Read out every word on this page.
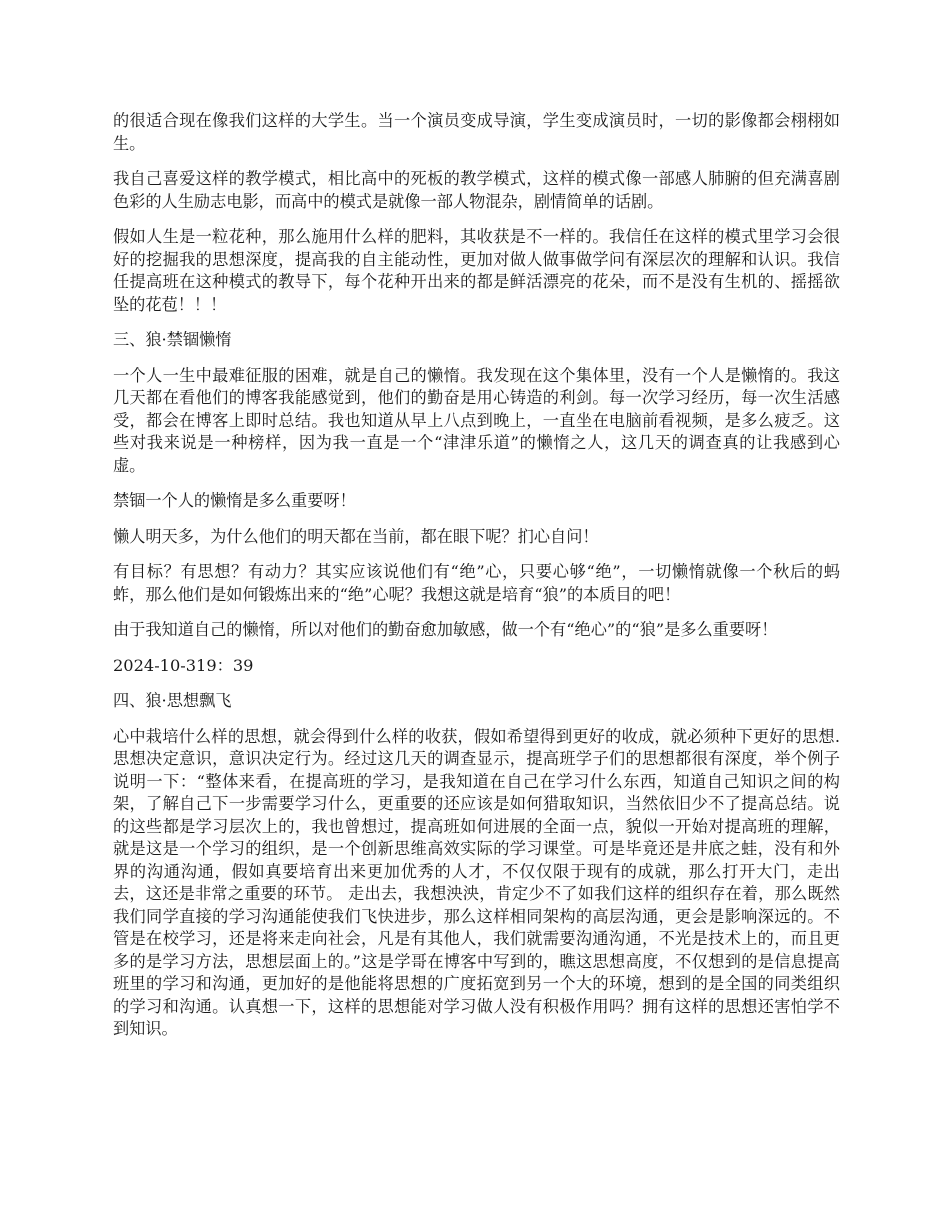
的很适合现在像我们这样的大学生。当一个演员变成导演，学生变成演员时，一切的影像都会栩栩如生。

我自己喜爱这样的教学模式，相比高中的死板的教学模式，这样的模式像一部感人肺腑的但充满喜剧色彩的人生励志电影，而高中的模式是就像一部人物混杂，剧情简单的话剧。

假如人生是一粒花种，那么施用什么样的肥料，其收获是不一样的。我信任在这样的模式里学习会很好的挖掘我的思想深度，提高我的自主能动性，更加对做人做事做学问有深层次的理解和认识。我信任提高班在这种模式的教导下，每个花种开出来的都是鲜活漂亮的花朵，而不是没有生机的、摇摇欲坠的花苞！！！

三、狼·禁锢懒惰

一个人一生中最难征服的困难，就是自己的懒惰。我发现在这个集体里，没有一个人是懒惰的。我这几天都在看他们的博客我能感觉到，他们的勤奋是用心铸造的利剑。每一次学习经历，每一次生活感受，都会在博客上即时总结。我也知道从早上八点到晚上，一直坐在电脑前看视频，是多么疲乏。这些对我来说是一种榜样，因为我一直是一个“津津乐道”的懒惰之人，这几天的调查真的让我感到心虚。

禁锢一个人的懒惰是多么重要呀！

懒人明天多，为什么他们的明天都在当前，都在眼下呢？扪心自问！

有目标？有思想？有动力？其实应该说他们有“绝”心，只要心够“绝”，一切懒惰就像一个秋后的蚂蚱，那么他们是如何锻炼出来的“绝”心呢？我想这就是培育“狼”的本质目的吧！

由于我知道自己的懒惰，所以对他们的勤奋愈加敏感，做一个有“绝心”的“狼”是多么重要呀！

2024-10-319：39

四、狼·思想飘飞

心中栽培什么样的思想，就会得到什么样的收获，假如希望得到更好的收成，就必须种下更好的思想.思想决定意识，意识决定行为。经过这几天的调查显示，提高班学子们的思想都很有深度，举个例子说明一下：“整体来看，在提高班的学习，是我知道在自己在学习什么东西，知道自己知识之间的构架，了解自己下一步需要学习什么，更重要的还应该是如何猎取知识，当然依旧少不了提高总结。说的这些都是学习层次上的，我也曾想过，提高班如何进展的全面一点，貌似一开始对提高班的理解，就是这是一个学习的组织，是一个创新思维高效实际的学习课堂。可是毕竟还是井底之蛙，没有和外界的沟通沟通，假如真要培育出来更加优秀的人才，不仅仅限于现有的成就，那么打开大门，走出去，这还是非常之重要的环节。 走出去，我想泱泱，肯定少不了如我们这样的组织存在着，那么既然我们同学直接的学习沟通能使我们飞快进步，那么这样相同架构的高层沟通，更会是影响深远的。不管是在校学习，还是将来走向社会，凡是有其他人，我们就需要沟通沟通，不光是技术上的，而且更多的是学习方法，思想层面上的。”这是学哥在博客中写到的，瞧这思想高度，不仅想到的是信息提高班里的学习和沟通，更加好的是他能将思想的广度拓宽到另一个大的环境，想到的是全国的同类组织的学习和沟通。认真想一下，这样的思想能对学习做人没有积极作用吗？拥有这样的思想还害怕学不到知识。
